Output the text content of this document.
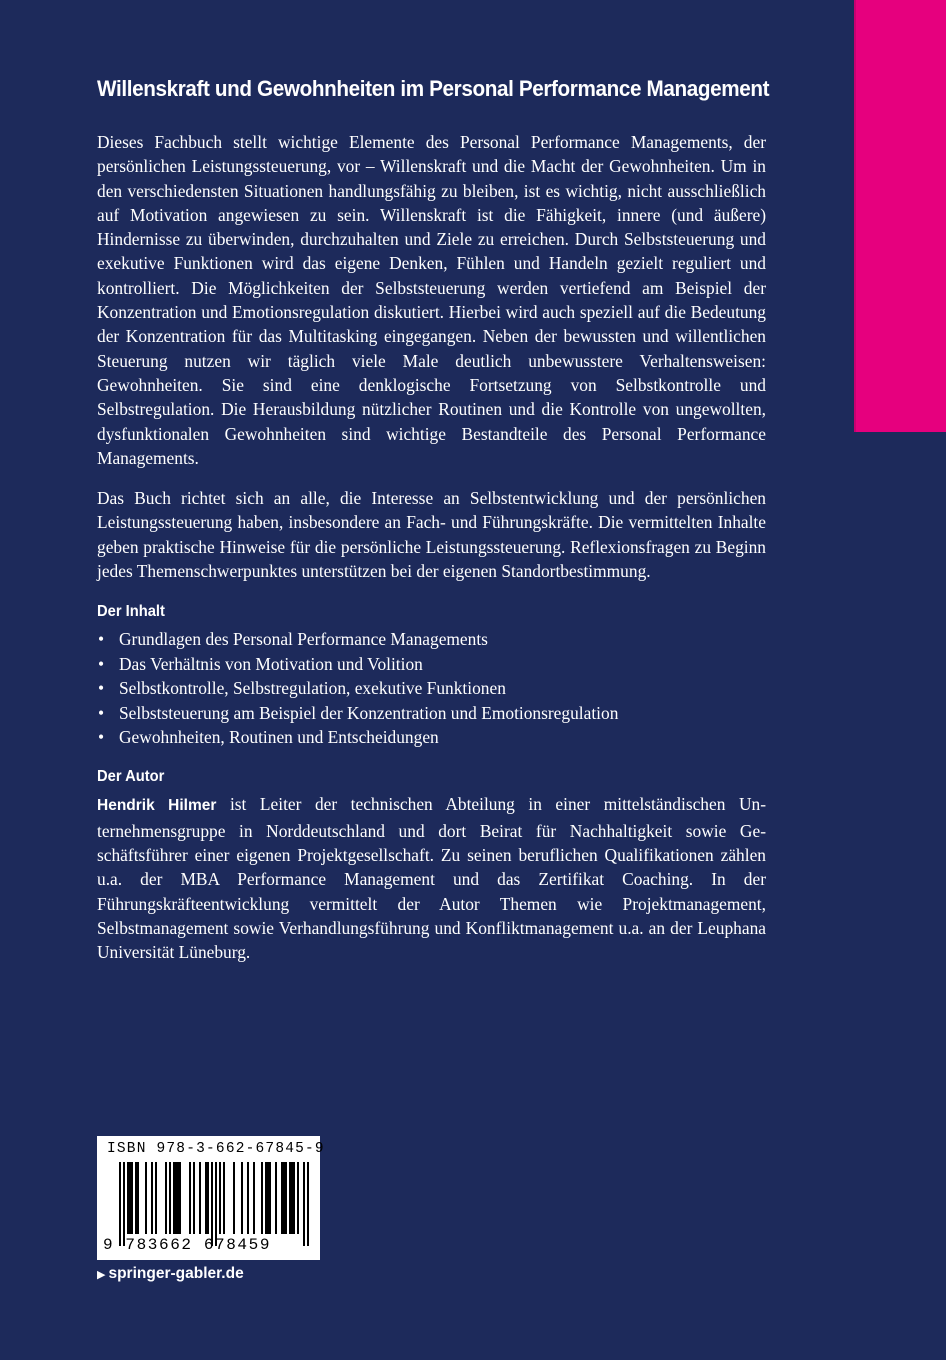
Willenskraft und Gewohnheiten im Personal Performance Management

Dieses Fachbuch stellt wichtige Elemente des Personal Performance Managements, der persönlichen Leistungssteuerung, vor – Willenskraft und die Macht der Gewohnheiten. Um in den verschiedensten Situationen handlungsfähig zu bleiben, ist es wichtig, nicht ausschließlich auf Motivation angewiesen zu sein. Willenskraft ist die Fähigkeit, innere (und äußere) Hindernisse zu überwinden, durchzuhalten und Ziele zu erreichen. Durch Selbststeuerung und exekutive Funktionen wird das eigene Denken, Fühlen und Handeln gezielt reguliert und kontrolliert. Die Möglichkeiten der Selbststeuerung werden vertiefend am Beispiel der Konzentration und Emotionsregulation diskutiert. Hierbei wird auch speziell auf die Bedeutung der Konzentration für das Multitasking eingegangen. Neben der bewussten und willentlichen Steuerung nutzen wir täglich viele Male deutlich unbewusstere Verhaltensweisen: Gewohnheiten. Sie sind eine denklogische Fortsetzung von Selbstkontrolle und Selbstregulation. Die Herausbildung nützlicher Routinen und die Kontrolle von ungewollten, dysfunktionalen Gewohnheiten sind wichtige Bestandteile des Personal Performance Managements.

Das Buch richtet sich an alle, die Interesse an Selbstentwicklung und der persönlichen Leistungssteuerung haben, insbesondere an Fach- und Führungskräfte. Die vermittelten Inhalte geben praktische Hinweise für die persönliche Leistungssteuerung. Reflexionsfragen zu Beginn jedes Themenschwerpunktes unterstützen bei der eigenen Standortbestimmung.

Der Inhalt
• Grundlagen des Personal Performance Managements
• Das Verhältnis von Motivation und Volition
• Selbstkontrolle, Selbstregulation, exekutive Funktionen
• Selbststeuerung am Beispiel der Konzentration und Emotionsregulation
• Gewohnheiten, Routinen und Entscheidungen
Der Autor

Hendrik Hilmer ist Leiter der technischen Abteilung in einer mittelständischen Unternehmensgruppe in Norddeutschland und dort Beirat für Nachhaltigkeit sowie Geschäftsführer einer eigenen Projektgesellschaft. Zu seinen beruflichen Qualifikationen zählen u.a. der MBA Performance Management und das Zertifikat Coaching. In der Führungskräfteentwicklung vermittelt der Autor Themen wie Projektmanagement, Selbstmanagement sowie Verhandlungsführung und Konfliktmanagement u.a. an der Leuphana Universität Lüneburg.

ISBN 978-3-662-67845-9
9 783662 678459
▶ springer-gabler.de
